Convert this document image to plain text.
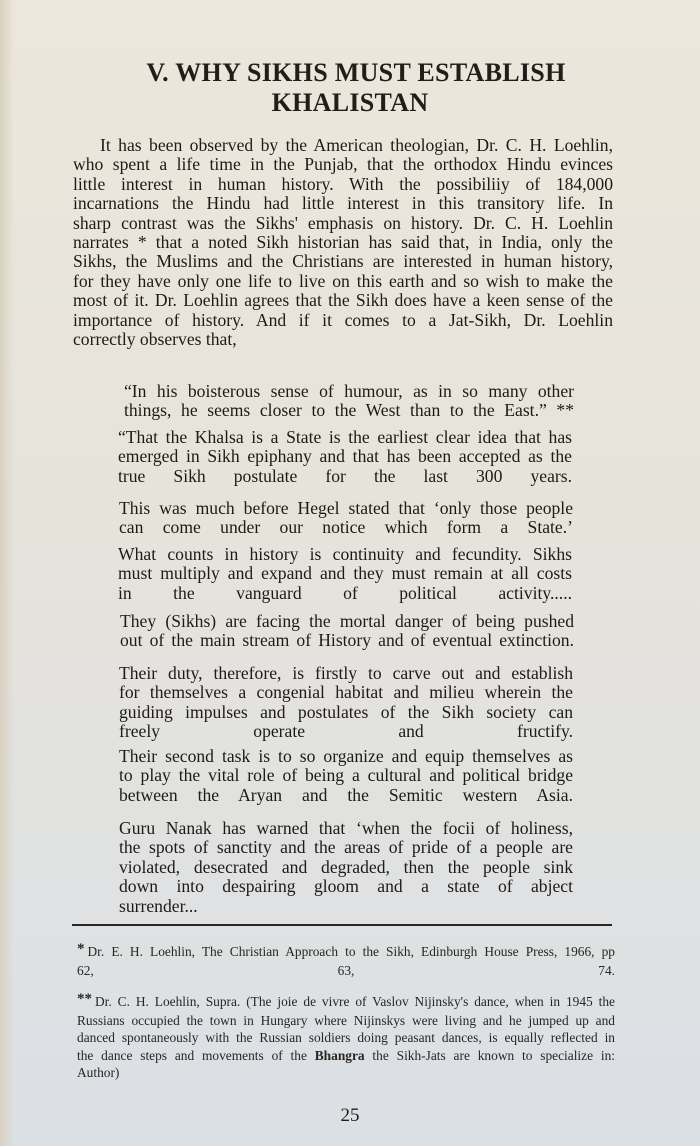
V. WHY SIKHS MUST ESTABLISH
KHALISTAN
It has been observed by the American theologian, Dr. C. H. Loehlin,
who spent a life time in the Punjab, that the orthodox Hindu evinces
little interest in human history. With the possibiliiy of 184,000
incarnations the Hindu had little interest in this transitory life. In
sharp contrast was the Sikhs' emphasis on history. Dr. C. H. Loehlin
narrates * that a noted Sikh historian has said that, in India, only the
Sikhs, the Muslims and the Christians are interested in human history,
for they have only one life to live on this earth and so wish to make the
most of it. Dr. Loehlin agrees that the Sikh does have a keen sense of the
importance of history. And if it comes to a Jat-Sikh, Dr. Loehlin
correctly observes that,
“In his boisterous sense of humour, as in so many other
things, he seems closer to the West than to the East.” **
“That the Khalsa is a State is the earliest clear idea that has
emerged in Sikh epiphany and that has been accepted as the
true Sikh postulate for the last 300 years.
This was much before Hegel stated that ‘only those people
can come under our notice which form a State.’
What counts in history is continuity and fecundity. Sikhs
must multiply and expand and they must remain at all costs
in the vanguard of political activity.....
They (Sikhs) are facing the mortal danger of being pushed
out of the main stream of History and of eventual extinction.
Their duty, therefore, is firstly to carve out and establish
for themselves a congenial habitat and milieu wherein the
guiding impulses and postulates of the Sikh society can
freely operate and fructify.
Their second task is to so organize and equip themselves as
to play the vital role of being a cultural and political bridge
between the Aryan and the Semitic western Asia.
Guru Nanak has warned that ‘when the focii of holiness,
the spots of sanctity and the areas of pride of a people are
violated, desecrated and degraded, then the people sink
down into despairing gloom and a state of abject
surrender...
* Dr. E. H. Loehlin, The Christian Approach to the Sikh, Edinburgh House Press, 1966, pp
62, 63, 74.
** Dr. C. H. Loehlin, Supra. (The joie de vivre of Vaslov Nijinsky's dance, when in 1945 the
Russians occupied the town in Hungary where Nijinskys were living and he jumped up and
danced spontaneously with the Russian soldiers doing peasant dances, is equally reflected in
the dance steps and movements of the Bhangra the Sikh-Jats are known to specialize in:
Author)
25
